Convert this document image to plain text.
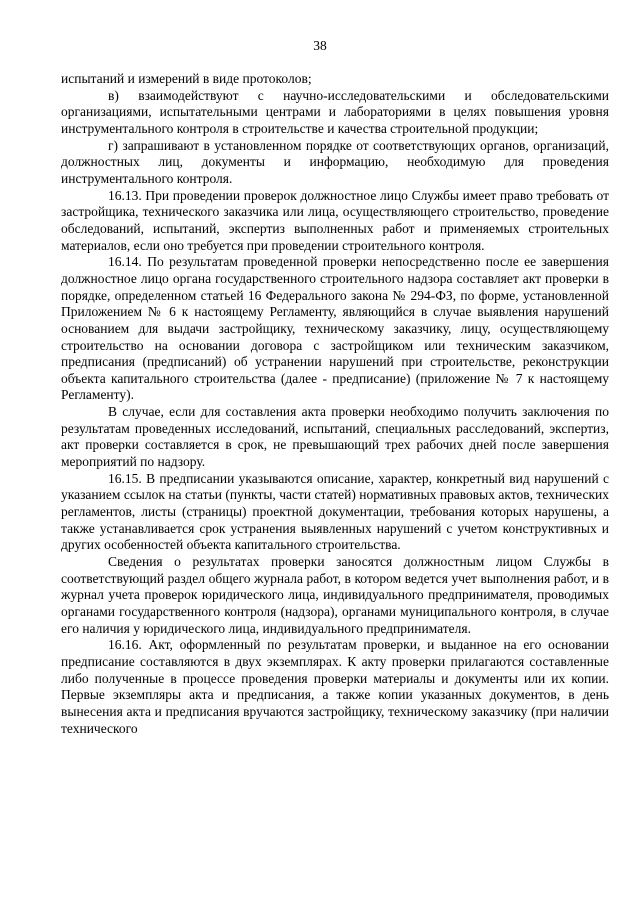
38

испытаний и измерений в виде протоколов;

в) взаимодействуют с научно-исследовательскими и обследовательскими организациями, испытательными центрами и лабораториями в целях повышения уровня инструментального контроля в строительстве и качества строительной продукции;

г) запрашивают в установленном порядке от соответствующих органов, организаций, должностных лиц, документы и информацию, необходимую для проведения инструментального контроля.

16.13. При проведении проверок должностное лицо Службы имеет право требовать от застройщика, технического заказчика или лица, осуществляющего строительство, проведение обследований, испытаний, экспертиз выполненных работ и применяемых строительных материалов, если оно требуется при проведении строительного контроля.

16.14. По результатам проведенной проверки непосредственно после ее завершения должностное лицо органа государственного строительного надзора составляет акт проверки в порядке, определенном статьей 16 Федерального закона № 294-ФЗ, по форме, установленной Приложением № 6 к настоящему Регламенту, являющийся в случае выявления нарушений основанием для выдачи застройщику, техническому заказчику, лицу, осуществляющему строительство на основании договора с застройщиком или техническим заказчиком, предписания (предписаний) об устранении нарушений при строительстве, реконструкции объекта капитального строительства (далее - предписание) (приложение № 7 к настоящему Регламенту).

В случае, если для составления акта проверки необходимо получить заключения по результатам проведенных исследований, испытаний, специальных расследований, экспертиз, акт проверки составляется в срок, не превышающий трех рабочих дней после завершения мероприятий по надзору.

16.15. В предписании указываются описание, характер, конкретный вид нарушений с указанием ссылок на статьи (пункты, части статей) нормативных правовых актов, технических регламентов, листы (страницы) проектной документации, требования которых нарушены, а также устанавливается срок устранения выявленных нарушений с учетом конструктивных и других особенностей объекта капитального строительства.

Сведения о результатах проверки заносятся должностным лицом Службы в соответствующий раздел общего журнала работ, в котором ведется учет выполнения работ, и в журнал учета проверок юридического лица, индивидуального предпринимателя, проводимых органами государственного контроля (надзора), органами муниципального контроля, в случае его наличия у юридического лица, индивидуального предпринимателя.

16.16. Акт, оформленный по результатам проверки, и выданное на его основании предписание составляются в двух экземплярах. К акту проверки прилагаются составленные либо полученные в процессе проведения проверки материалы и документы или их копии. Первые экземпляры акта и предписания, а также копии указанных документов, в день вынесения акта и предписания вручаются застройщику, техническому заказчику (при наличии технического
